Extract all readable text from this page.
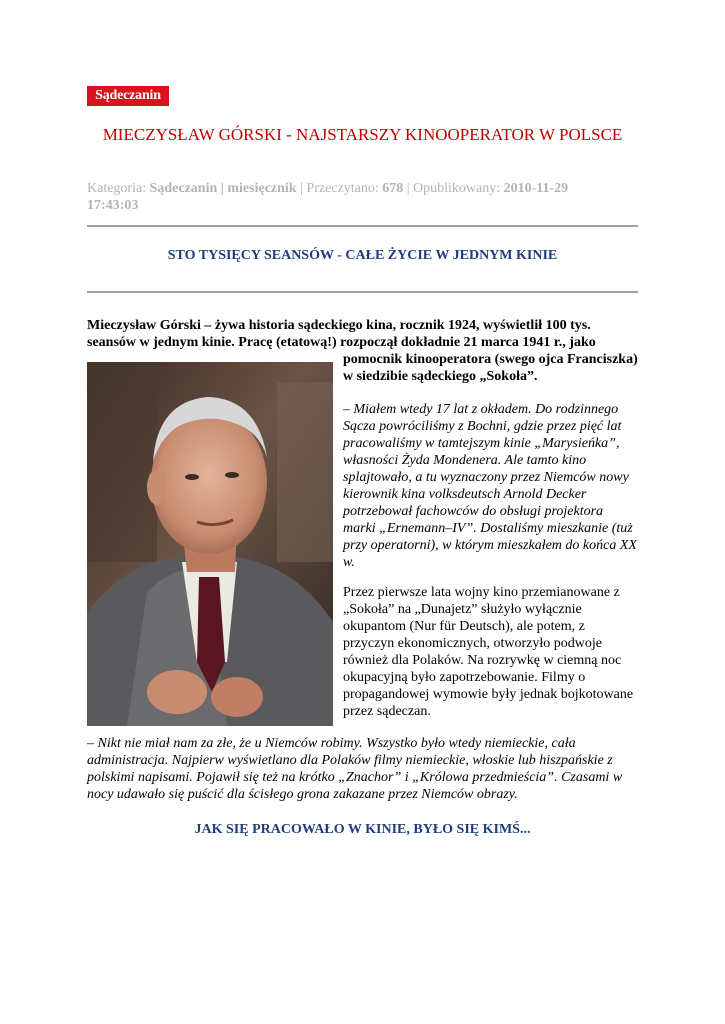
Sądeczanin
MIECZYSŁAW GÓRSKI - NAJSTARSZY KINOOPERATOR W POLSCE
Kategoria: Sądeczanin | miesięcznik | Przeczytano: 678 | Opublikowany: 2010-11-29
17:43:03
STO TYSIĘCY SEANSÓW - CAŁE ŻYCIE W JEDNYM KINIE
Mieczysław Górski – żywa historia sądeckiego kina, rocznik 1924, wyświetlił 100 tys. seansów w jednym kinie. Pracę (etatową!) rozpoczął dokładnie 21 marca 1941 r., jako
pomocnik kinooperatora (swego ojca Franciszka) w siedzibie sądeckiego „Sokoła”.
– Miałem wtedy 17 lat z okładem. Do rodzinnego Sącza powróciliśmy z Bochni, gdzie przez pięć lat pracowaliśmy w tamtejszym kinie „Marysieńka”, własności Żyda Mondenera. Ale tamto kino splajtowało, a tu wyznaczony przez Niemców nowy kierownik kina volksdeutsch Arnold Decker potrzebował fachowców do obsługi projektora marki „Ernemann–IV”. Dostaliśmy mieszkanie (tuż przy operatorni), w którym mieszkałem do końca XX w.
Przez pierwsze lata wojny kino przemianowane z „Sokoła” na „Dunajetz” służyło wyłącznie okupantom (Nur für Deutsch), ale potem, z przyczyn ekonomicznych, otworzyło podwoje również dla Polaków. Na rozrywkę w ciemną noc okupacyjną było zapotrzebowanie. Filmy o propagandowej wymowie były jednak bojkotowane przez sądeczan.
– Nikt nie miał nam za złe, że u Niemców robimy. Wszystko było wtedy niemieckie, cała administracja. Najpierw wyświetlano dla Polaków filmy niemieckie, włoskie lub hiszpańskie z polskimi napisami. Pojawił się też na krótko „Znachor” i „Królowa przedmieścia”. Czasami w nocy udawało się puścić dla ścisłego grona zakazane przez Niemców obrazy.
JAK SIĘ PRACOWAŁO W KINIE, BYŁO SIĘ KIMŚ...
